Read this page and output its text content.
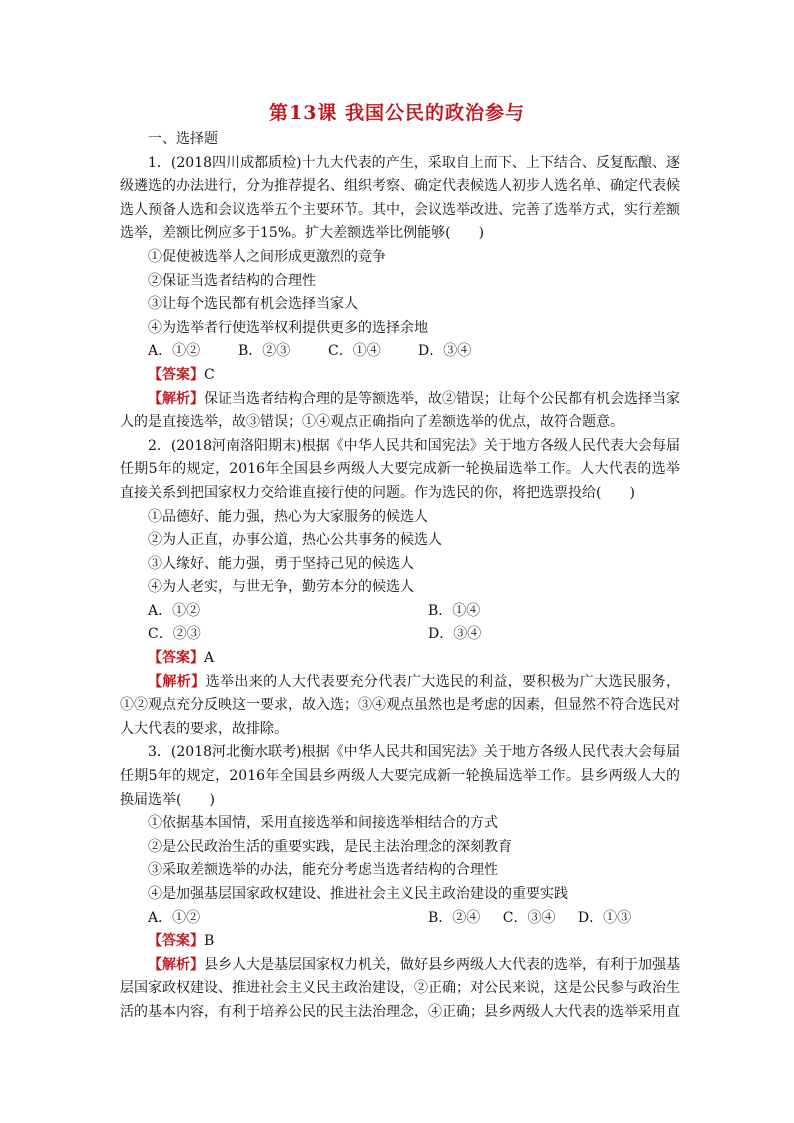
第13课 我国公民的政治参与

一、选择题

1．(2018四川成都质检)十九大代表的产生，采取自上而下、上下结合、反复酝酿、逐级遴选的办法进行，分为推荐提名、组织考察、确定代表候选人初步人选名单、确定代表候选人预备人选和会议选举五个主要环节。其中，会议选举改进、完善了选举方式，实行差额选举，差额比例应多于15%。扩大差额选举比例能够(　　)

①促使被选举人之间形成更激烈的竞争

②保证当选者结构的合理性

③让每个选民都有机会选择当家人

④为选举者行使选举权利提供更多的选择余地

A．①②	B．②③	C．①④	D．③④

【答案】C

【解析】保证当选者结构合理的是等额选举，故②错误；让每个公民都有机会选择当家人的是直接选举，故③错误；①④观点正确指向了差额选举的优点，故符合题意。

2．(2018河南洛阳期末)根据《中华人民共和国宪法》关于地方各级人民代表大会每届任期5年的规定，2016年全国县乡两级人大要完成新一轮换届选举工作。人大代表的选举直接关系到把国家权力交给谁直接行使的问题。作为选民的你，将把选票投给(　　)

①品德好、能力强，热心为大家服务的候选人

②为人正直，办事公道，热心公共事务的候选人

③人缘好、能力强，勇于坚持己见的候选人

④为人老实，与世无争，勤劳本分的候选人

A．①②	B．①④
C．②③	D．③④

【答案】A

【解析】选举出来的人大代表要充分代表广大选民的利益，要积极为广大选民服务，①②观点充分反映这一要求，故入选；③④观点虽然也是考虑的因素，但显然不符合选民对人大代表的要求，故排除。

3．(2018河北衡水联考)根据《中华人民共和国宪法》关于地方各级人民代表大会每届任期5年的规定，2016年全国县乡两级人大要完成新一轮换届选举工作。县乡两级人大的换届选举(　　)

①依据基本国情，采用直接选举和间接选举相结合的方式

②是公民政治生活的重要实践，是民主法治理念的深刻教育

③采取差额选举的办法，能充分考虑当选者结构的合理性

④是加强基层国家政权建设、推进社会主义民主政治建设的重要实践

A．①②	B．②④ C．③④ D．①③

【答案】B

【解析】县乡人大是基层国家权力机关，做好县乡两级人大代表的选举，有利于加强基层国家政权建设、推进社会主义民主政治建设，②正确；对公民来说，这是公民参与政治生活的基本内容，有利于培养公民的民主法治理念，④正确；县乡两级人大代表的选举采用直
